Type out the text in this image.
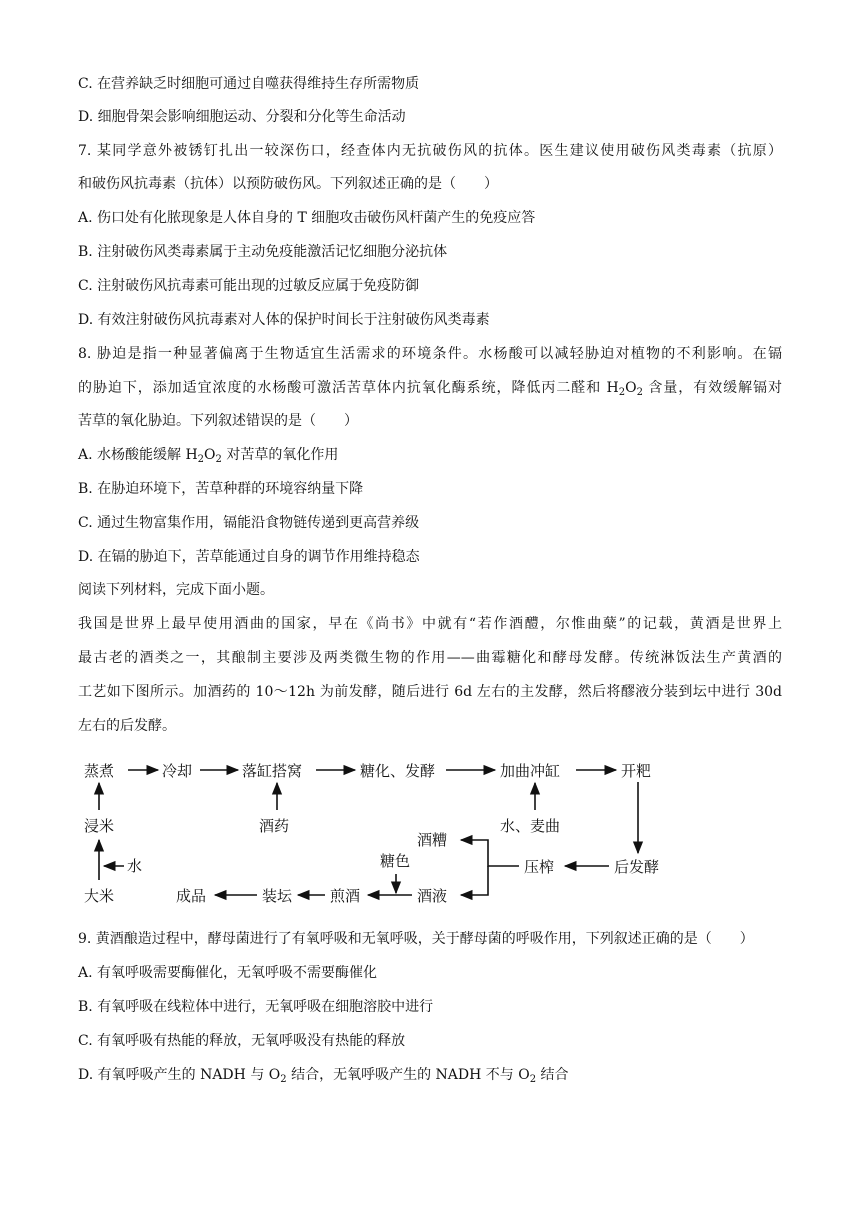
C. 在营养缺乏时细胞可通过自噬获得维持生存所需物质
D. 细胞骨架会影响细胞运动、分裂和分化等生命活动
7. 某同学意外被锈钉扎出一较深伤口，经查体内无抗破伤风的抗体。医生建议使用破伤风类毒素（抗原）
和破伤风抗毒素（抗体）以预防破伤风。下列叙述正确的是（　　）
A. 伤口处有化脓现象是人体自身的 T 细胞攻击破伤风杆菌产生的免疫应答
B. 注射破伤风类毒素属于主动免疫能激活记忆细胞分泌抗体
C. 注射破伤风抗毒素可能出现的过敏反应属于免疫防御
D. 有效注射破伤风抗毒素对人体的保护时间长于注射破伤风类毒素
8. 胁迫是指一种显著偏离于生物适宜生活需求的环境条件。水杨酸可以减轻胁迫对植物的不利影响。在镉
的胁迫下，添加适宜浓度的水杨酸可激活苦草体内抗氧化酶系统，降低丙二醛和 $H_2O_2$ 含量，有效缓解镉对
苦草的氧化胁迫。下列叙述错误的是（　　）
A. 水杨酸能缓解 $H_2O_2$ 对苦草的氧化作用
B. 在胁迫环境下，苦草种群的环境容纳量下降
C. 通过生物富集作用，镉能沿食物链传递到更高营养级
D. 在镉的胁迫下，苦草能通过自身的调节作用维持稳态
阅读下列材料，完成下面小题。
我国是世界上最早使用酒曲的国家，早在《尚书》中就有“若作酒醴，尔惟曲蘖”的记载，黄酒是世界上
最古老的酒类之一，其酿制主要涉及两类微生物的作用——曲霉糖化和酵母发酵。传统淋饭法生产黄酒的
工艺如下图所示。加酒药的 10～12h 为前发酵，随后进行 6d 左右的主发酵，然后将醪液分装到坛中进行 30d
左右的后发酵。
蒸煮	冷却	落缸搭窝	糖化、发酵	加曲冲缸	开粑
浸米	酒药	水、麦曲
酒糟
水	糖色	压榨	后发酵
大米	成品	装坛	煎酒	酒液
9. 黄酒酿造过程中，酵母菌进行了有氧呼吸和无氧呼吸，关于酵母菌的呼吸作用，下列叙述正确的是（　　）
A. 有氧呼吸需要酶催化，无氧呼吸不需要酶催化
B. 有氧呼吸在线粒体中进行，无氧呼吸在细胞溶胶中进行
C. 有氧呼吸有热能的释放，无氧呼吸没有热能的释放
D. 有氧呼吸产生的 NADH 与 $O_2$ 结合，无氧呼吸产生的 NADH 不与 $O_2$ 结合
